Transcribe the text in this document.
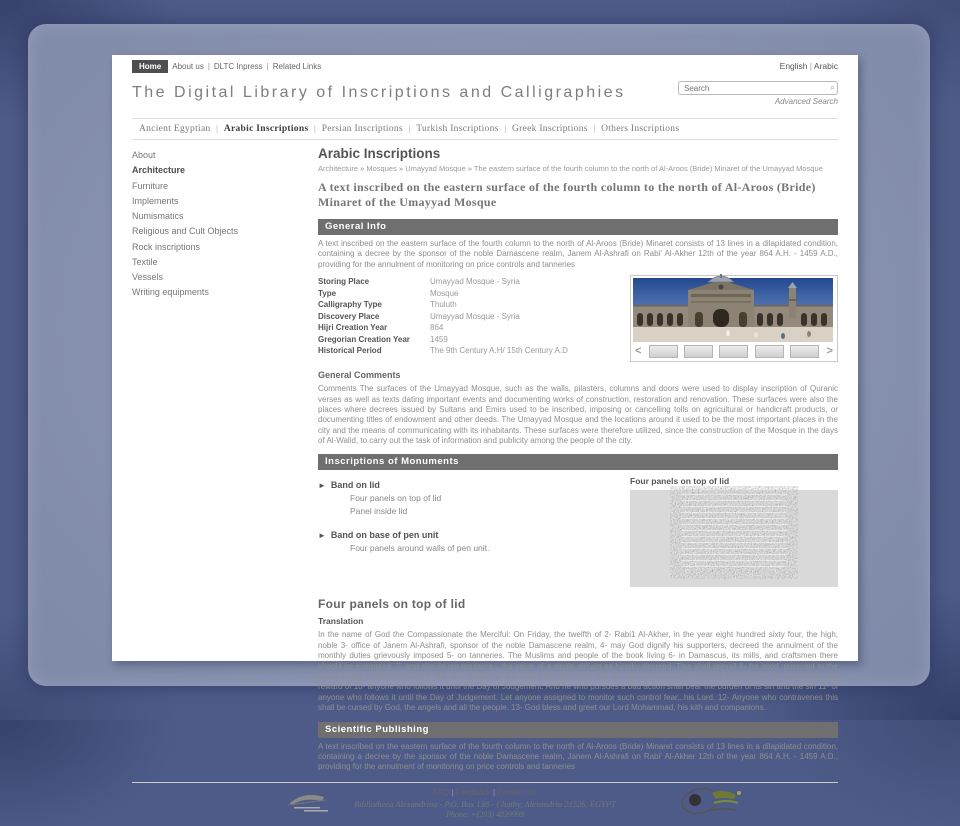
Home	About us | DLTC Inpress | Related Links	English | Arabic
The Digital Library of Inscriptions and Calligraphies
Search	⌕
Advanced Search
Ancient Egyptian | Arabic Inscriptions | Persian Inscriptions | Turkish Inscriptions | Greek Inscriptions | Others Inscriptions
About
Architecture
Furniture
Implements
Numismatics
Religious and Cult Objects
Rock inscriptions
Textile
Vessels
Writing equipments
Arabic Inscriptions
Architecture » Mosques » Umayyad Mosque » The eastern surface of the fourth column to the north of Al-Aroos (Bride) Minaret of the Umayyad Mosque
A text inscribed on the eastern surface of the fourth column to the north of Al-Aroos (Bride) Minaret of the Umayyad Mosque
General Info

A text inscribed on the eastern surface of the fourth column to the north of Al-Aroos (Bride) Minaret consists of 13 lines in a dilapidated condition, containing a decree by the sponsor of the noble Damascene realm, Janem Al-Ashrafi on Rabi' Al-Akher 12th of the year 864 A.H. - 1459 A.D., providing for the annulment of monitoring on price controls and tanneries

Storing Place	Umayyad Mosque - Syria
Type	Mosque
Calligraphy Type	Thuluth
Discovery Place	Umayyad Mosque - Syria
Hijri Creation Year	864
Gregorian Creation Year	1459
Historical Period	The 9th Century A.H/ 15th Century A.D	<	>
General Comments

Comments The surfaces of the Umayyad Mosque, such as the walls, pilasters, columns and doors were used to display inscription of Quranic verses as well as texts dating important events and documenting works of construction, restoration and renovation. These surfaces were also the places where decrees issued by Sultans and Emirs used to be inscribed, imposing or cancelling tolls on agricultural or handicraft products, or documenting titles of endowment and other deeds. The Umayyad Mosque and the locations around it used to be the most important places in the city and the means of communicating with its inhabitants. These surfaces were therefore utilized, since the construction of the Mosque in the days of Al-Walid, to carry out the task of information and publicity among the people of the city.

Inscriptions of Monuments
► Band on lid
Four panels on top of lid
Panel inside lid
► Band on base of pen unit
Four panels around walls of pen unit.
Four panels on top of lid
Four panels on top of lid
Translation

In the name of God the Compassionate the Merciful: On Friday, the twelfth of 2- Rabi1 Al-Akher, in the year eight hundred sixty four, the high, noble 3- office of Janem Al-Ashrafi, sponsor of the noble Damascene realm, 4- may God dignify his supporters, decreed the annulment of the monthly duties grievously imposed 5- on tanneries. The Muslims and people of the book living 6- in Damascus, its mills, and craftsmen there should be exempted, 7- and should not measure....the value of a single dirham as hereby decreed. This shall prevail 8- for good, pursuant to the words of the truthful Prophet, 9- the best blessings and peace be upon him, that he who pursues a good action shall receive its reward and the reward of 10- anyone who follows it until the Day of Judgement. And he who pursues a bad action shall bear the burden of its sin and the sin 11- of anyone who follows it until the Day of Judgement. Let anyone assigned to monitor such control fear...his Lord. 12- Anyone who contravenes this shall be cursed by God, the angels and all the people. 13- God bless and greet our Lord Mohammad, his kith and companions.

Scientific Publishing

A text inscribed on the eastern surface of the fourth column to the north of Al-Aroos (Bride) Minaret consists of 13 lines in a dilapidated condition, containing a decree by the sponsor of the noble Damascene realm, Janem Al-Ashrafi on Rabi' Al-Akher 12th of the year 864 A.H. - 1459 A.D., providing for the annulment of monitoring on price controls and tanneries

FAQ | Feedback | Contact Us
Bibliotheca Alexandrina - P.O. Box 138 - Chatby, Alexandria 21526, EGYPT
Phone: +(203) 4839999
